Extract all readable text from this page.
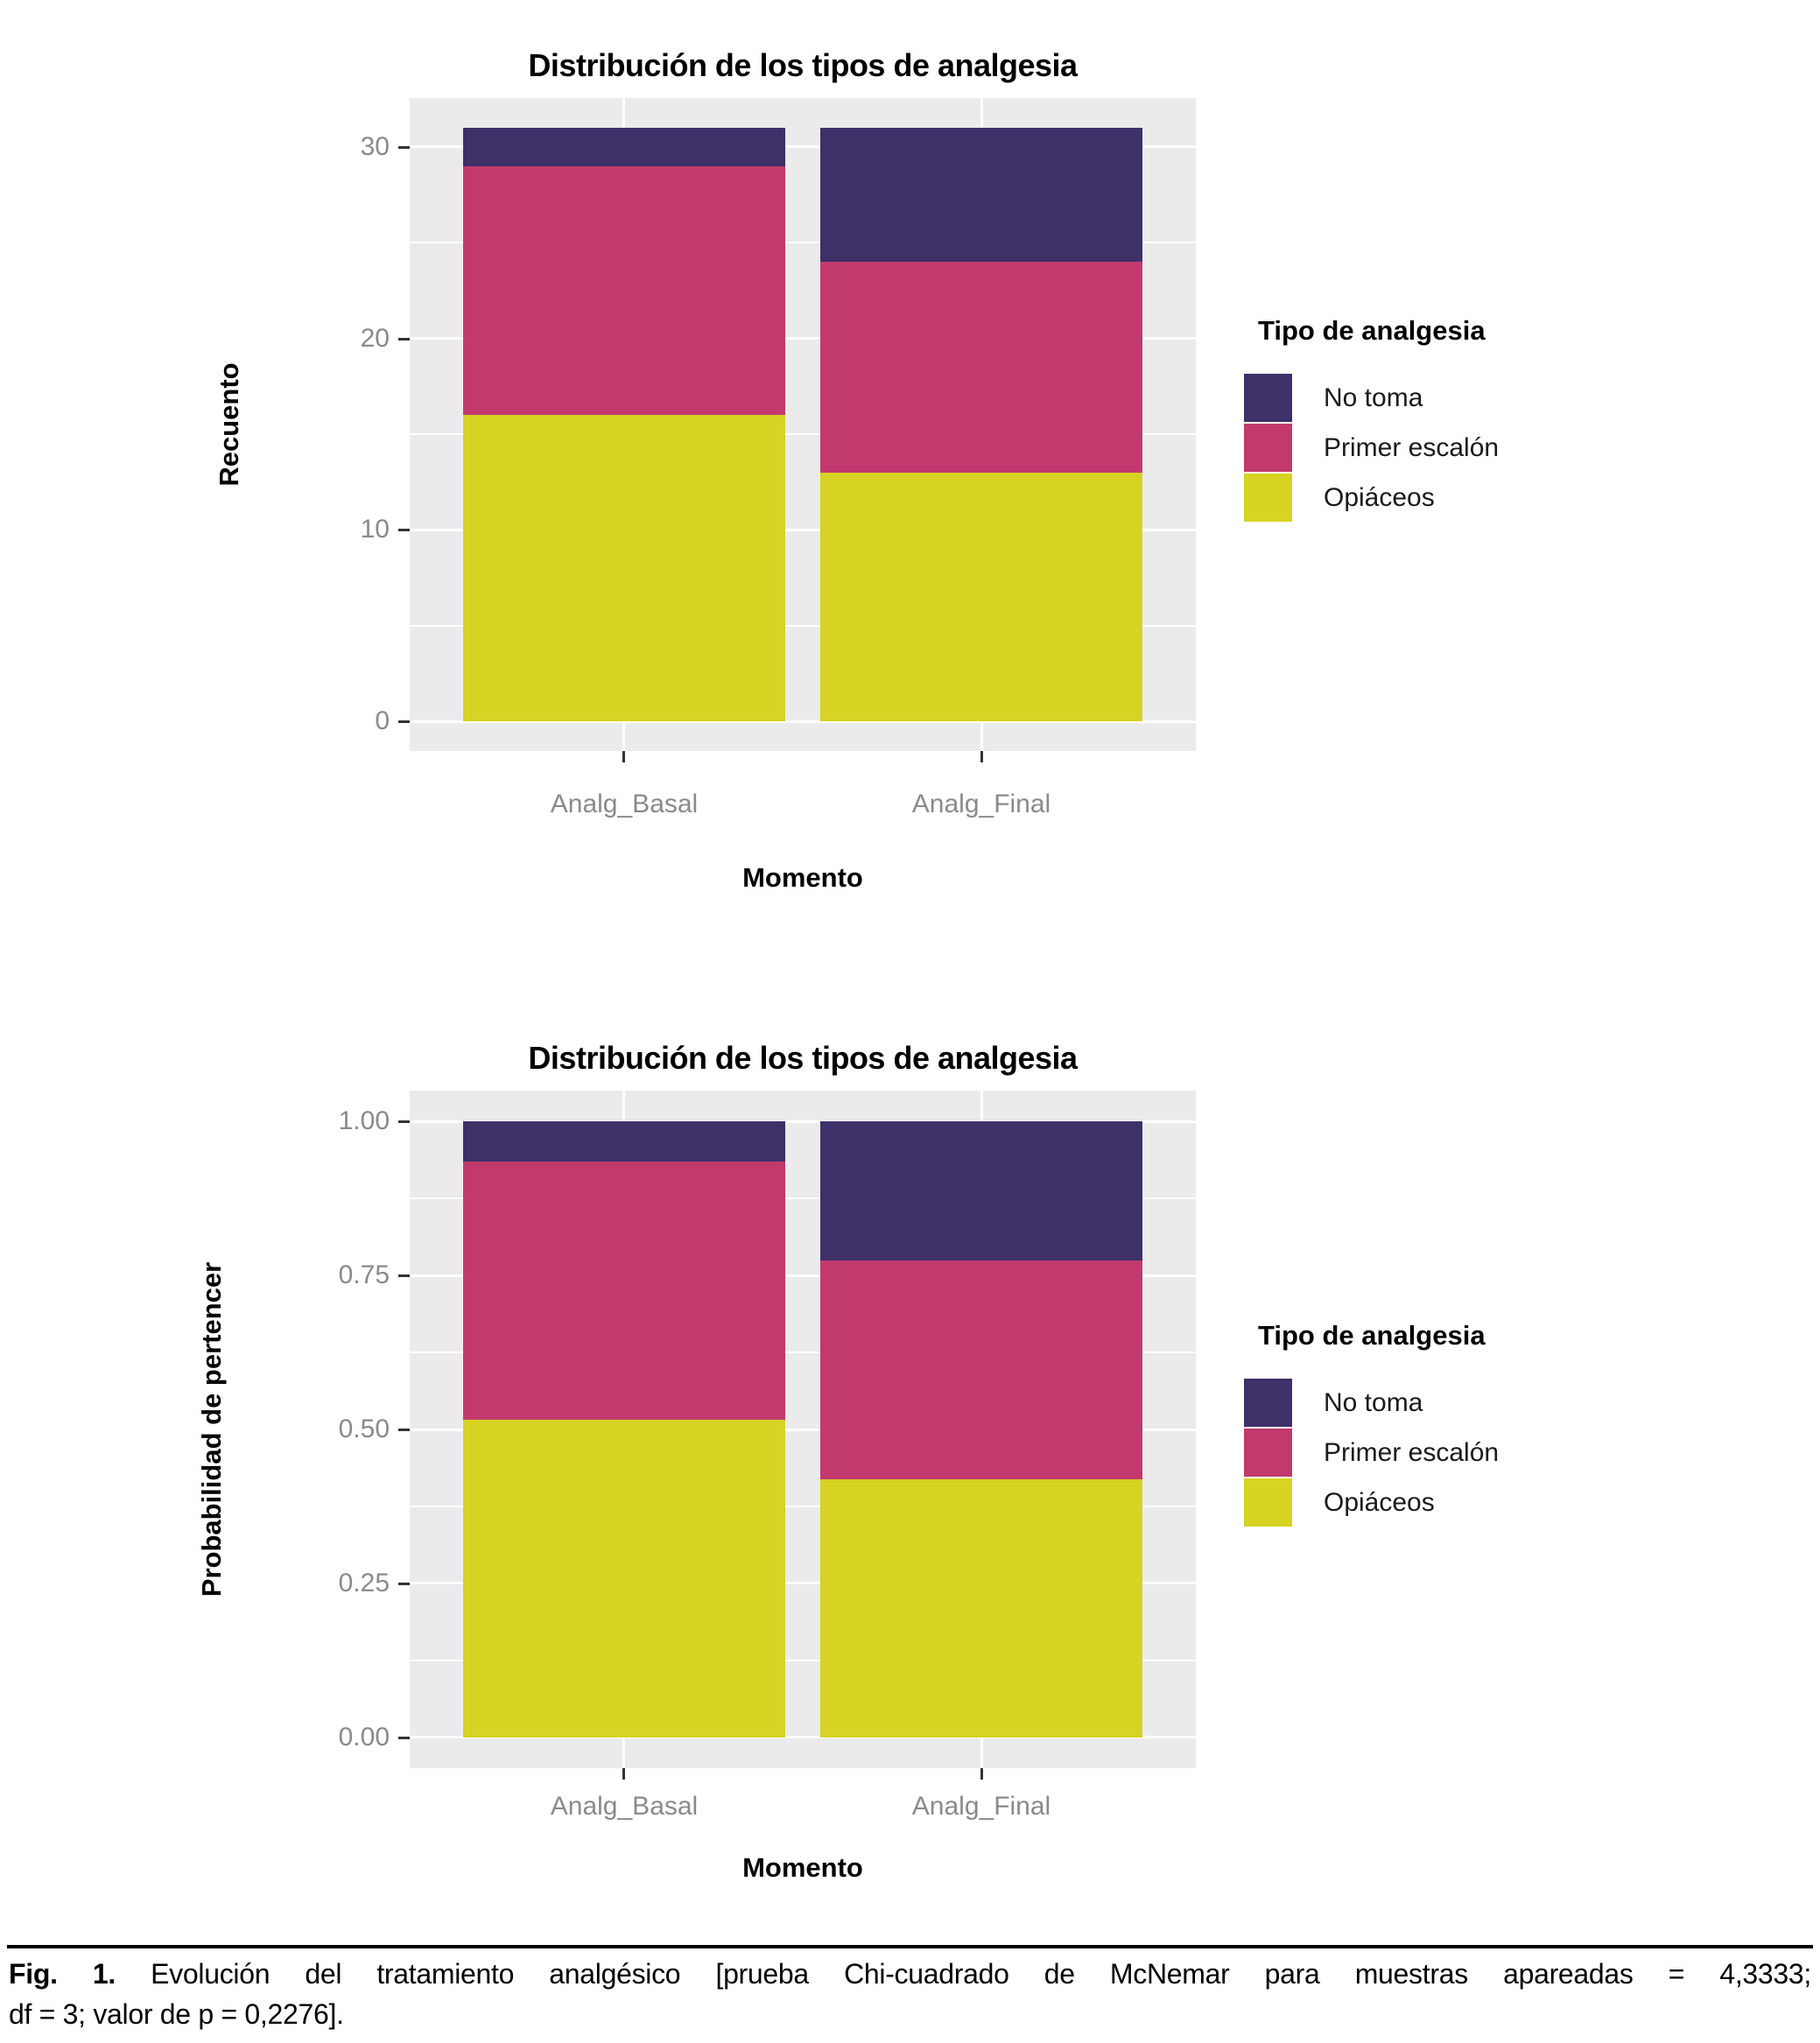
Distribución de los tipos de analgesia
Recuento
Analg_Basal	Analg_Final
Momento
Tipo de analgesia
No toma
Primer escalón
Opiáceos
Distribución de los tipos de analgesia
Probabilidad de pertencer
Analg_Basal	Analg_Final
Momento
Tipo de analgesia
No toma
Primer escalón
Opiáceos
Fig. 1. Evolución del tratamiento analgésico [prueba Chi-cuadrado de McNemar para muestras apareadas = 4,3333;
df = 3; valor de p = 0,2276].
0
10
20
30
0.00
0.25
0.50
0.75
1.00
